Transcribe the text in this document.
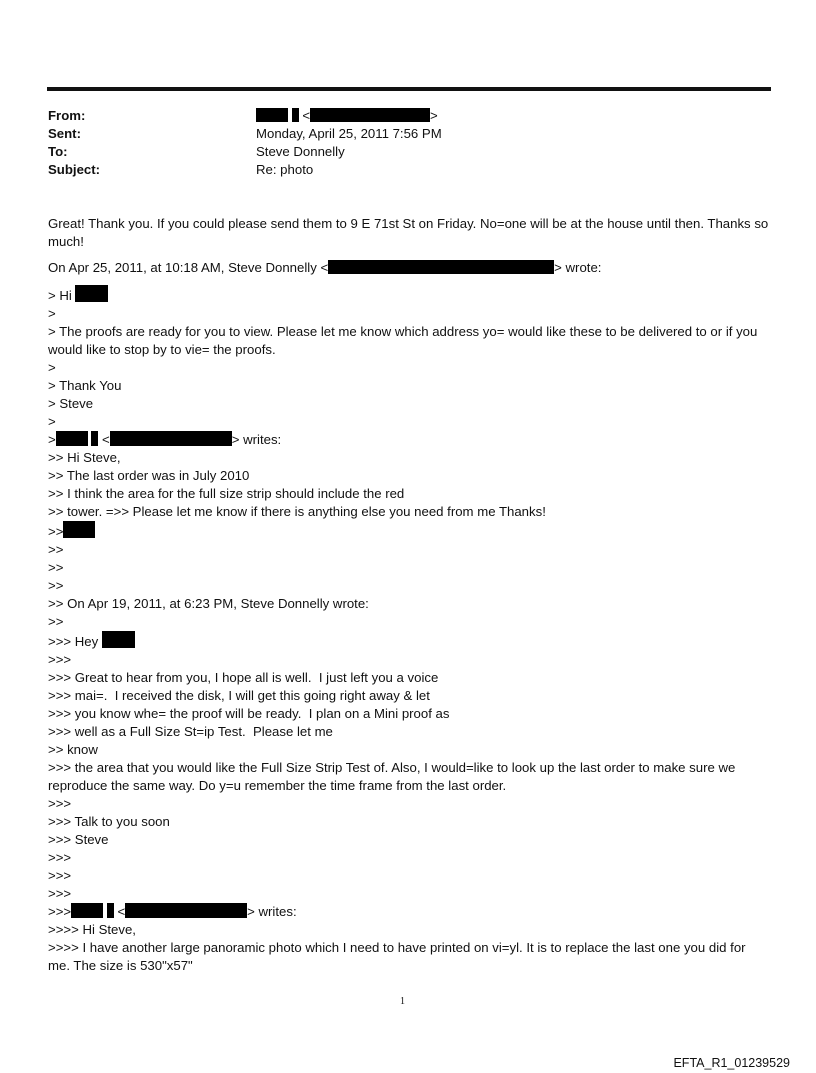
From:	<	>
Sent:	Monday, April 25, 2011 7:56 PM
To:	Steve Donnelly
Subject:	Re: photo
Great! Thank you. If you could please send them to 9 E 71st St on Friday. No=one will be at the house until then. Thanks so much!
On Apr 25, 2011, at 10:18 AM, Steve Donnelly <	> wrote:
> Hi
>
> The proofs are ready for you to view. Please let me know which address yo= would like these to be delivered to or if you would like to stop by to vie= the proofs.
>
> Thank You
> Steve
>
>	<	> writes:
>> Hi Steve,
>> The last order was in July 2010
>> I think the area for the full size strip should include the red
>> tower. =>> Please let me know if there is anything else you need from me Thanks!
>>
>>
>>
>>
>> On Apr 19, 2011, at 6:23 PM, Steve Donnelly wrote:
>>
>>> Hey
>>>
>>> Great to hear from you, I hope all is well.  I just left you a voice
>>> mai=.  I received the disk, I will get this going right away & let
>>> you know whe= the proof will be ready.  I plan on a Mini proof as
>>> well as a Full Size St=ip Test.  Please let me
>> know
>>> the area that you would like the Full Size Strip Test of. Also, I would=like to look up the last order to make sure we reproduce the same way. Do y=u remember the time frame from the last order.
>>>
>>> Talk to you soon
>>> Steve
>>>
>>>
>>>
>>>	<	> writes:
>>>> Hi Steve,
>>>> I have another large panoramic photo which I need to have printed on vi=yl. It is to replace the last one you did for me. The size is 530"x57"
1
EFTA_R1_01239529
